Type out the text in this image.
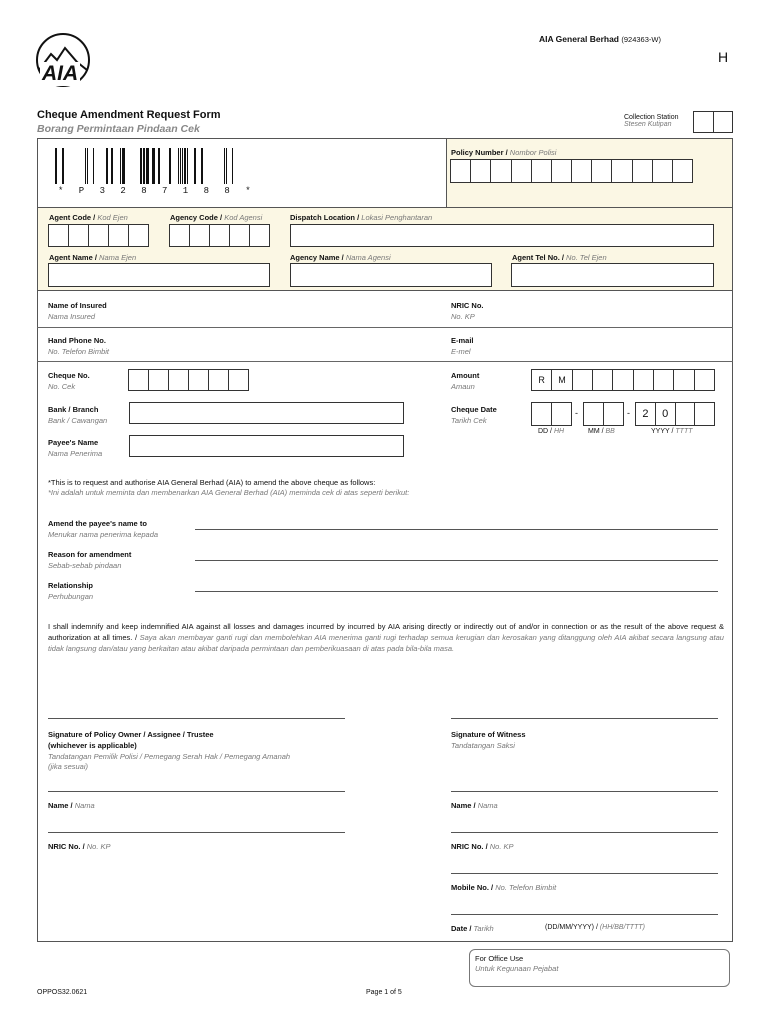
AIA
AIA General Berhad (924363-W)
H
Cheque Amendment Request Form
Borang Permintaan Pindaan Cek
Collection Station
Stesen Kutipan
* P 3 2 8 7 1 8 8 *
Policy Number / Nombor Polisi
Agent Code / Kod Ejen	Agency Code / Kod Agensi	Dispatch Location / Lokasi Penghantaran
Agent Name / Nama Ejen	Agency Name / Nama Agensi	Agent Tel No. / No. Tel Ejen
Name of Insured
Nama Insured
NRIC No.
No. KP
Hand Phone No.
No. Telefon Bimbit
E-mail
E-mel
Cheque No.
No. Cek
Amount
Amaun
R	M
Bank / Branch
Bank / Cawangan
Cheque Date
Tarikh Cek
-	-	2	0
DD / HH	MM / BB	YYYY / TTTT
Payee's Name
Nama Penerima
*This is to request and authorise AIA General Berhad (AIA) to amend the above cheque as follows:
*Ini adalah untuk meminta dan membenarkan AIA General Berhad (AIA) meminda cek di atas seperti berikut:
Amend the payee's name to
Menukar nama penerima kepada
Reason for amendment
Sebab-sebab pindaan
Relationship
Perhubungan
I shall indemnify and keep indemnified AIA against all losses and damages incurred by incurred by AIA arising directly or indirectly out of and/or in connection or as the result of the above request & authorization at all times. / Saya akan membayar ganti rugi dan membolehkan AIA menerima ganti rugi terhadap semua kerugian dan kerosakan yang ditanggung oleh AIA akibat secara langsung atau tidak langsung dan/atau yang berkaitan atau akibat daripada permintaan dan pemberikuasaan di atas pada bila-bila masa.
Signature of Policy Owner / Assignee / Trustee
(whichever is applicable)
Tandatangan Pemilik Polisi / Pemegang Serah Hak / Pemegang Amanah
(jika sesuai)
Signature of Witness
Tandatangan Saksi
Name / Nama	Name / Nama
NRIC No. / No. KP	NRIC No. / No. KP
Mobile No. / No. Telefon Bimbit
Date / Tarikh	(DD/MM/YYYY) / (HH/BB/TTTT)
For Office Use
Untuk Kegunaan Pejabat
OPPOS32.0621	Page 1 of 5
